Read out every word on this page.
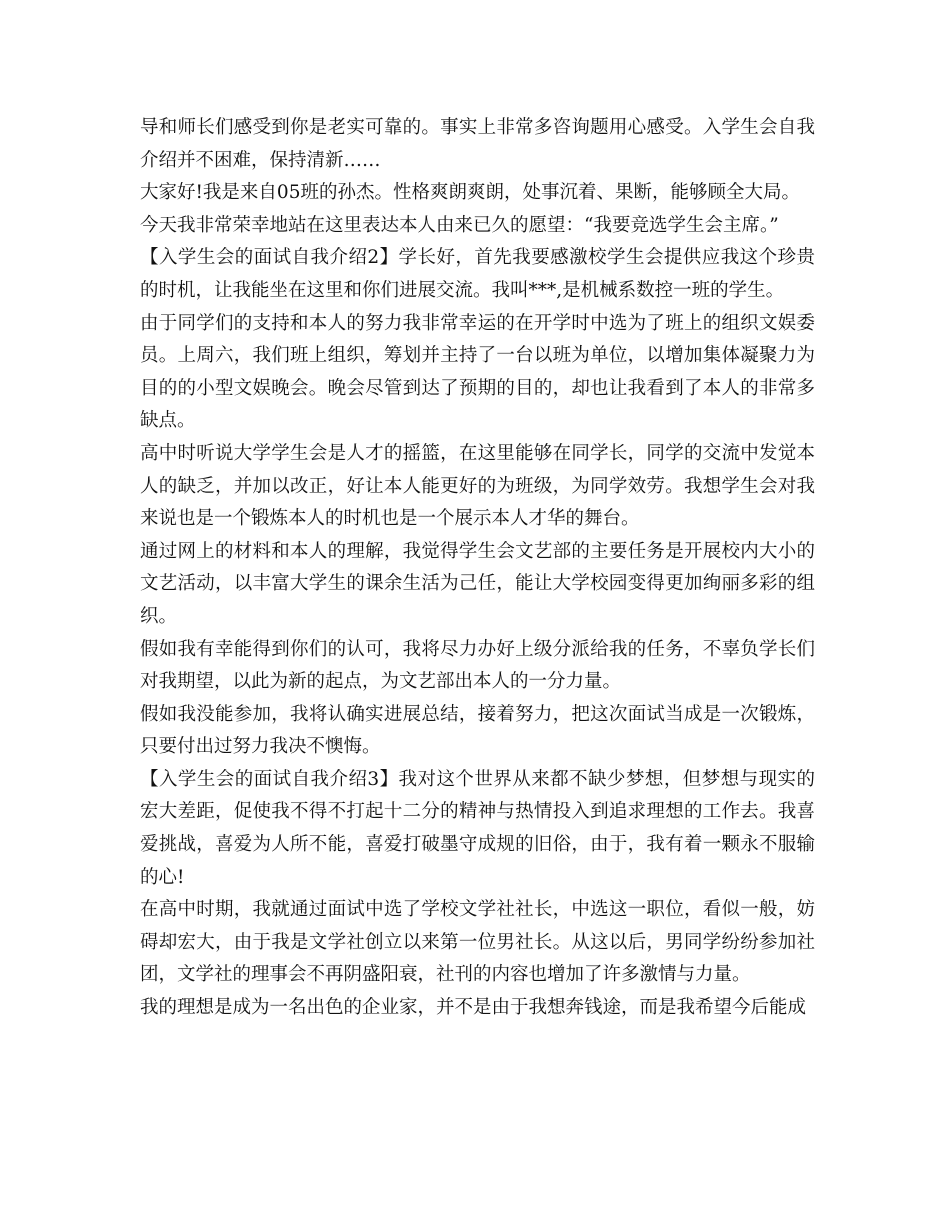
导和师长们感受到你是老实可靠的。事实上非常多咨询题用心感受。入学生会自我介绍并不困难，保持清新……

大家好!我是来自05班的孙杰。性格爽朗爽朗，处事沉着、果断，能够顾全大局。

今天我非常荣幸地站在这里表达本人由来已久的愿望：“我要竞选学生会主席。”

【入学生会的面试自我介绍2】学长好，首先我要感激校学生会提供应我这个珍贵的时机，让我能坐在这里和你们进展交流。我叫***,是机械系数控一班的学生。

由于同学们的支持和本人的努力我非常幸运的在开学时中选为了班上的组织文娱委员。上周六，我们班上组织，筹划并主持了一台以班为单位，以增加集体凝聚力为目的的小型文娱晚会。晚会尽管到达了预期的目的，却也让我看到了本人的非常多缺点。

高中时听说大学学生会是人才的摇篮，在这里能够在同学长，同学的交流中发觉本人的缺乏，并加以改正，好让本人能更好的为班级，为同学效劳。我想学生会对我来说也是一个锻炼本人的时机也是一个展示本人才华的舞台。

通过网上的材料和本人的理解，我觉得学生会文艺部的主要任务是开展校内大小的文艺活动，以丰富大学生的课余生活为己任，能让大学校园变得更加绚丽多彩的组织。

假如我有幸能得到你们的认可，我将尽力办好上级分派给我的任务，不辜负学长们对我期望，以此为新的起点，为文艺部出本人的一分力量。

假如我没能参加，我将认确实进展总结，接着努力，把这次面试当成是一次锻炼，只要付出过努力我决不懊悔。

【入学生会的面试自我介绍3】我对这个世界从来都不缺少梦想，但梦想与现实的宏大差距，促使我不得不打起十二分的精神与热情投入到追求理想的工作去。我喜爱挑战，喜爱为人所不能，喜爱打破墨守成规的旧俗，由于，我有着一颗永不服输的心!

在高中时期，我就通过面试中选了学校文学社社长，中选这一职位，看似一般，妨碍却宏大，由于我是文学社创立以来第一位男社长。从这以后，男同学纷纷参加社团，文学社的理事会不再阴盛阳衰，社刊的内容也增加了许多激情与力量。

我的理想是成为一名出色的企业家，并不是由于我想奔钱途，而是我希望今后能成
